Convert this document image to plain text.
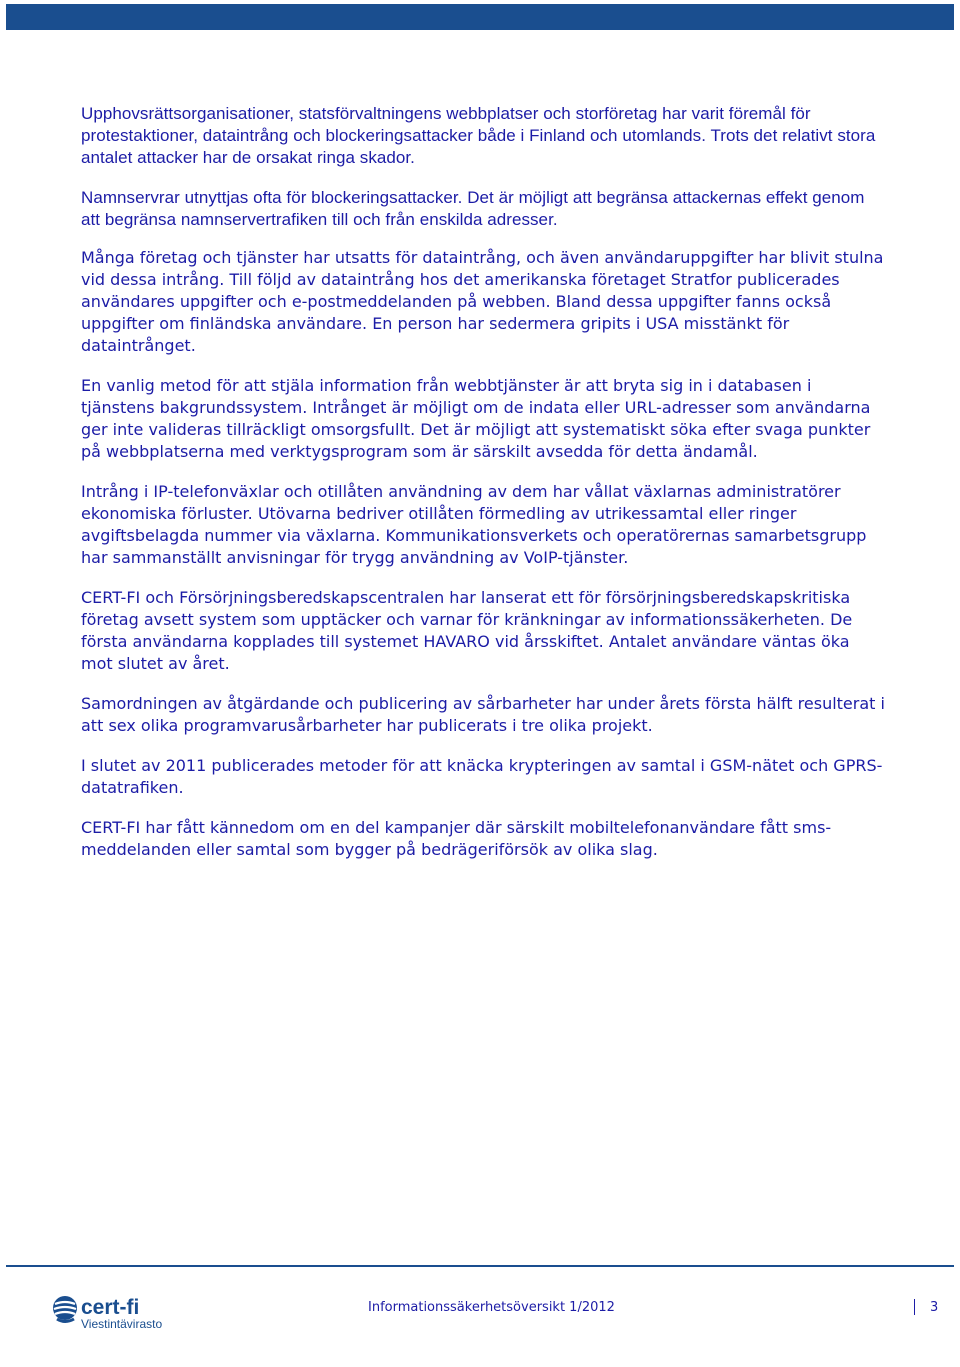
Upphovsrättsorganisationer, statsförvaltningens webbplatser och storföretag har varit föremål för protestaktioner, dataintrång och blockeringsattacker både i Finland och utomlands. Trots det relativt stora antalet attacker har de orsakat ringa skador.

Namnservrar utnyttjas ofta för blockeringsattacker. Det är möjligt att begränsa attackernas effekt genom att begränsa namnservertrafiken till och från enskilda adresser.

Många företag och tjänster har utsatts för dataintrång, och även användaruppgifter har blivit stulna vid dessa intrång. Till följd av dataintrång hos det amerikanska företaget Stratfor publicerades användares uppgifter och e-postmeddelanden på webben. Bland dessa uppgifter fanns också uppgifter om finländska användare. En person har sedermera gripits i USA misstänkt för dataintrånget.

En vanlig metod för att stjäla information från webbtjänster är att bryta sig in i databasen i tjänstens bakgrundssystem. Intrånget är möjligt om de indata eller URL-adresser som användarna ger inte valideras tillräckligt omsorgsfullt. Det är möjligt att systematiskt söka efter svaga punkter på webbplatserna med verktygsprogram som är särskilt avsedda för detta ändamål.

Intrång i IP-telefonväxlar och otillåten användning av dem har vållat växlarnas administratörer ekonomiska förluster. Utövarna bedriver otillåten förmedling av utrikessamtal eller ringer avgiftsbelagda nummer via växlarna. Kommunikationsverkets och operatörernas samarbetsgrupp har sammanställt anvisningar för trygg användning av VoIP-tjänster.

CERT-FI och Försörjningsberedskapscentralen har lanserat ett för försörjningsberedskapskritiska företag avsett system som upptäcker och varnar för kränkningar av informationssäkerheten. De första användarna kopplades till systemet HAVARO vid årsskiftet. Antalet användare väntas öka mot slutet av året.

Samordningen av åtgärdande och publicering av sårbarheter har under årets första hälft resulterat i att sex olika programvarusårbarheter har publicerats i tre olika projekt.

I slutet av 2011 publicerades metoder för att knäcka krypteringen av samtal i GSM-nätet och GPRS-datatrafiken.

CERT-FI har fått kännedom om en del kampanjer där särskilt mobiltelefonanvändare fått sms-meddelanden eller samtal som bygger på bedrägeriförsök av olika slag.

cert-fi
Viestintävirasto
Informationssäkerhetsöversikt 1/2012	3
